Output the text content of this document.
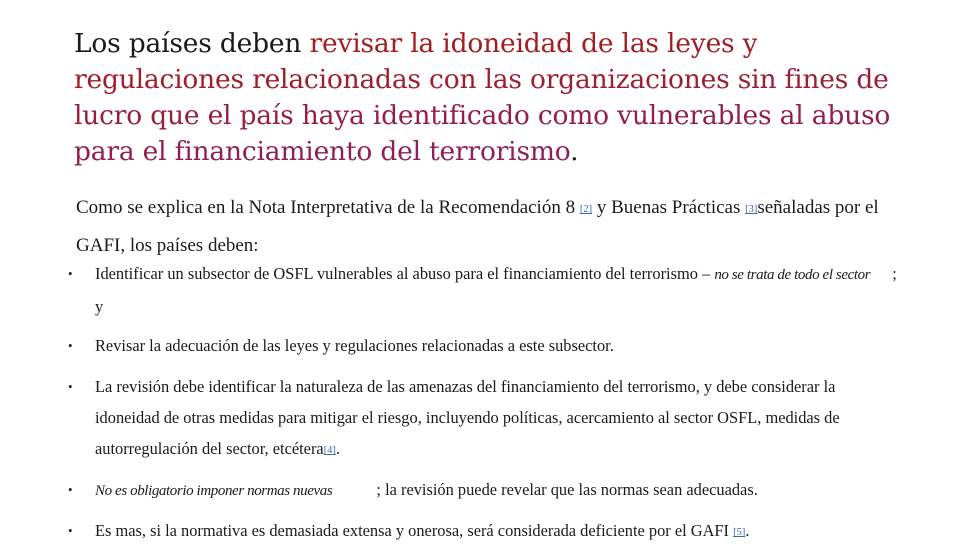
Los países deben revisar la idoneidad de las leyes y regulaciones relacionadas con las organizaciones sin fines de lucro que el país haya identificado como vulnerables al abuso para el financiamiento del terrorismo.
Como se explica en la Nota Interpretativa de la Recomendación 8 [2] y Buenas Prácticas [3]señaladas por el GAFI, los países deben:
• Identificar un subsector de OSFL vulnerables al abuso para el financiamiento del terrorismo – no se trata de todo el sector ; y
• Revisar la adecuación de las leyes y regulaciones relacionadas a este subsector.
• La revisión debe identificar la naturaleza de las amenazas del financiamiento del terrorismo, y debe considerar la idoneidad de otras medidas para mitigar el riesgo, incluyendo políticas, acercamiento al sector OSFL, medidas de autorregulación del sector, etcétera[4].
• No es obligatorio imponer normas nuevas ; la revisión puede revelar que las normas sean adecuadas.
• Es mas, si la normativa es demasiada extensa y onerosa, será considerada deficiente por el GAFI [5].
